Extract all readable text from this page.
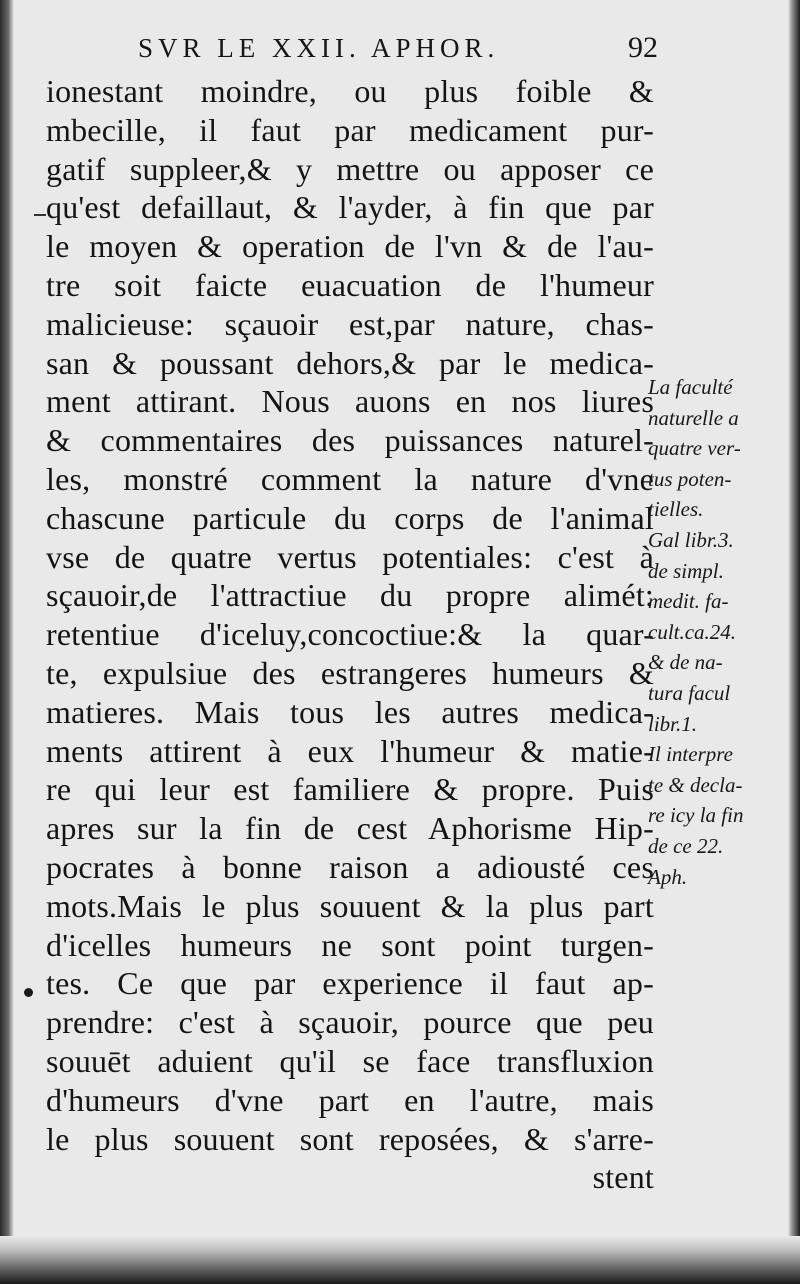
SVR LE XXII. APHOR.	92
ionestant moindre, ou plus foible &
mbecille, il faut par medicament pur-
gatif suppleer,& y mettre ou apposer ce
qu'est defaillaut, & l'ayder, à fin que par
le moyen & operation de l'vn & de l'au-
tre soit faicte euacuation de l'humeur
malicieuse: sçauoir est,par nature, chas-
san & poussant dehors,& par le medica-
ment attirant. Nous auons en nos liures
& commentaires des puissances naturel-
les, monstré comment la nature d'vne
chascune particule du corps de l'animal
vse de quatre vertus potentiales: c'est à
sçauoir,de l'attractiue du propre alimét:
retentiue d'iceluy,concoctiue:& la quar-
te, expulsiue des estrangeres humeurs &
matieres. Mais tous les autres medica-
ments attirent à eux l'humeur & matie-
re qui leur est familiere & propre. Puis
apres sur la fin de cest Aphorisme Hip-
pocrates à bonne raison a adiousté ces
mots.Mais le plus souuent & la plus part
d'icelles humeurs ne sont point turgen-
tes. Ce que par experience il faut ap-
prendre: c'est à sçauoir, pource que peu
souuēt aduient qu'il se face transfluxion
d'humeurs d'vne part en l'autre, mais
le plus souuent sont reposées, & s'arre-
stent
La faculté
naturelle a
quatre ver-
tus poten-
tielles.
Gal libr.3.
de simpl.
medit. fa-
cult.ca.24.
& de na-
tura facul
libr.1.
Il interpre
te & decla-
re icy la fin
de ce 22.
Aph.
